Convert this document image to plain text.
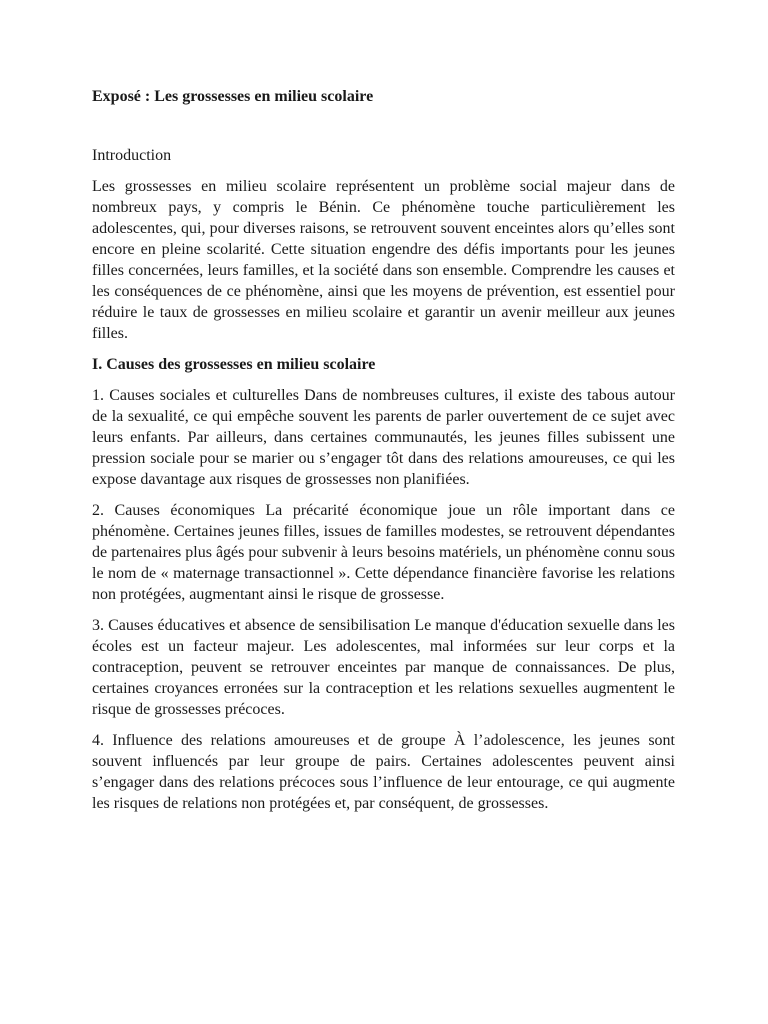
Exposé : Les grossesses en milieu scolaire

Introduction

Les grossesses en milieu scolaire représentent un problème social majeur dans de nombreux pays, y compris le Bénin. Ce phénomène touche particulièrement les adolescentes, qui, pour diverses raisons, se retrouvent souvent enceintes alors qu’elles sont encore en pleine scolarité. Cette situation engendre des défis importants pour les jeunes filles concernées, leurs familles, et la société dans son ensemble. Comprendre les causes et les conséquences de ce phénomène, ainsi que les moyens de prévention, est essentiel pour réduire le taux de grossesses en milieu scolaire et garantir un avenir meilleur aux jeunes filles.

I. Causes des grossesses en milieu scolaire

1. Causes sociales et culturelles Dans de nombreuses cultures, il existe des tabous autour de la sexualité, ce qui empêche souvent les parents de parler ouvertement de ce sujet avec leurs enfants. Par ailleurs, dans certaines communautés, les jeunes filles subissent une pression sociale pour se marier ou s’engager tôt dans des relations amoureuses, ce qui les expose davantage aux risques de grossesses non planifiées.

2. Causes économiques La précarité économique joue un rôle important dans ce phénomène. Certaines jeunes filles, issues de familles modestes, se retrouvent dépendantes de partenaires plus âgés pour subvenir à leurs besoins matériels, un phénomène connu sous le nom de « maternage transactionnel ». Cette dépendance financière favorise les relations non protégées, augmentant ainsi le risque de grossesse.

3. Causes éducatives et absence de sensibilisation Le manque d'éducation sexuelle dans les écoles est un facteur majeur. Les adolescentes, mal informées sur leur corps et la contraception, peuvent se retrouver enceintes par manque de connaissances. De plus, certaines croyances erronées sur la contraception et les relations sexuelles augmentent le risque de grossesses précoces.

4. Influence des relations amoureuses et de groupe À l’adolescence, les jeunes sont souvent influencés par leur groupe de pairs. Certaines adolescentes peuvent ainsi s’engager dans des relations précoces sous l’influence de leur entourage, ce qui augmente les risques de relations non protégées et, par conséquent, de grossesses.
